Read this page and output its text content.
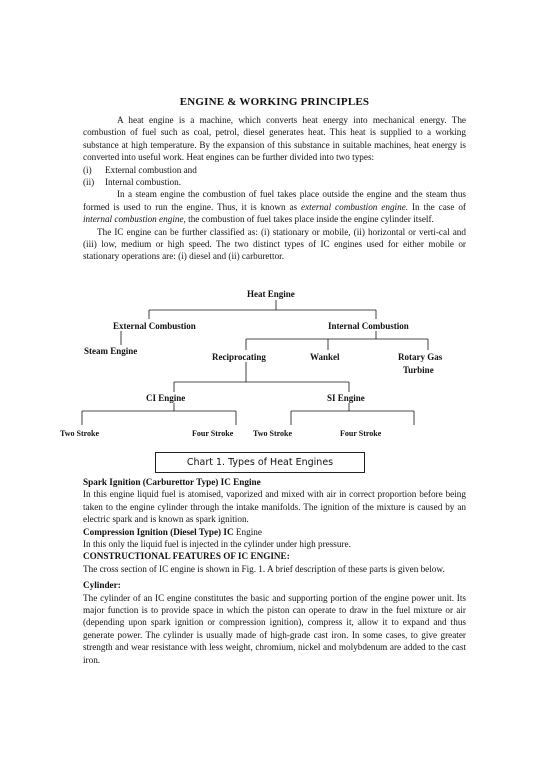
ENGINE & WORKING PRINCIPLES

A heat engine is a machine, which converts heat energy into mechanical energy. The combustion of fuel such as coal, petrol, diesel generates heat. This heat is supplied to a working substance at high temperature. By the expansion of this substance in suitable machines, heat energy is converted into useful work. Heat engines can be further divided into two types:

(i)	External combustion and
(ii)	Internal combustion.

In a steam engine the combustion of fuel takes place outside the engine and the steam thus formed is used to run the engine. Thus, it is known as external combustion engine. In the case of internal combustion engine, the combustion of fuel takes place inside the engine cylinder itself.

The IC engine can be further classified as: (i) stationary or mobile, (ii) horizontal or verti-cal and (iii) low, medium or high speed. The two distinct types of IC engines used for either mobile or stationary operations are: (i) diesel and (ii) carburettor.

Heat Engine
External Combustion	Internal Combustion
Steam Engine
Reciprocating	Wankel	Rotary Gas
Turbine
CI Engine	SI Engine
Two Stroke	Four Stroke Two Stroke	Four Stroke
Chart 1. Types of Heat Engines

Spark Ignition (Carburettor Type) IC Engine

In this engine liquid fuel is atomised, vaporized and mixed with air in correct proportion before being taken to the engine cylinder through the intake manifolds. The ignition of the mixture is caused by an electric spark and is known as spark ignition.

Compression Ignition (Diesel Type) IC Engine

In this only the liquid fuel is injected in the cylinder under high pressure.

CONSTRUCTIONAL FEATURES OF IC ENGINE:

The cross section of IC engine is shown in Fig. 1. A brief description of these parts is given below.

Cylinder:

The cylinder of an IC engine constitutes the basic and supporting portion of the engine power unit. Its major function is to provide space in which the piston can operate to draw in the fuel mixture or air (depending upon spark ignition or compression ignition), compress it, allow it to expand and thus generate power. The cylinder is usually made of high-grade cast iron. In some cases, to give greater strength and wear resistance with less weight, chromium, nickel and molybdenum are added to the cast iron.
